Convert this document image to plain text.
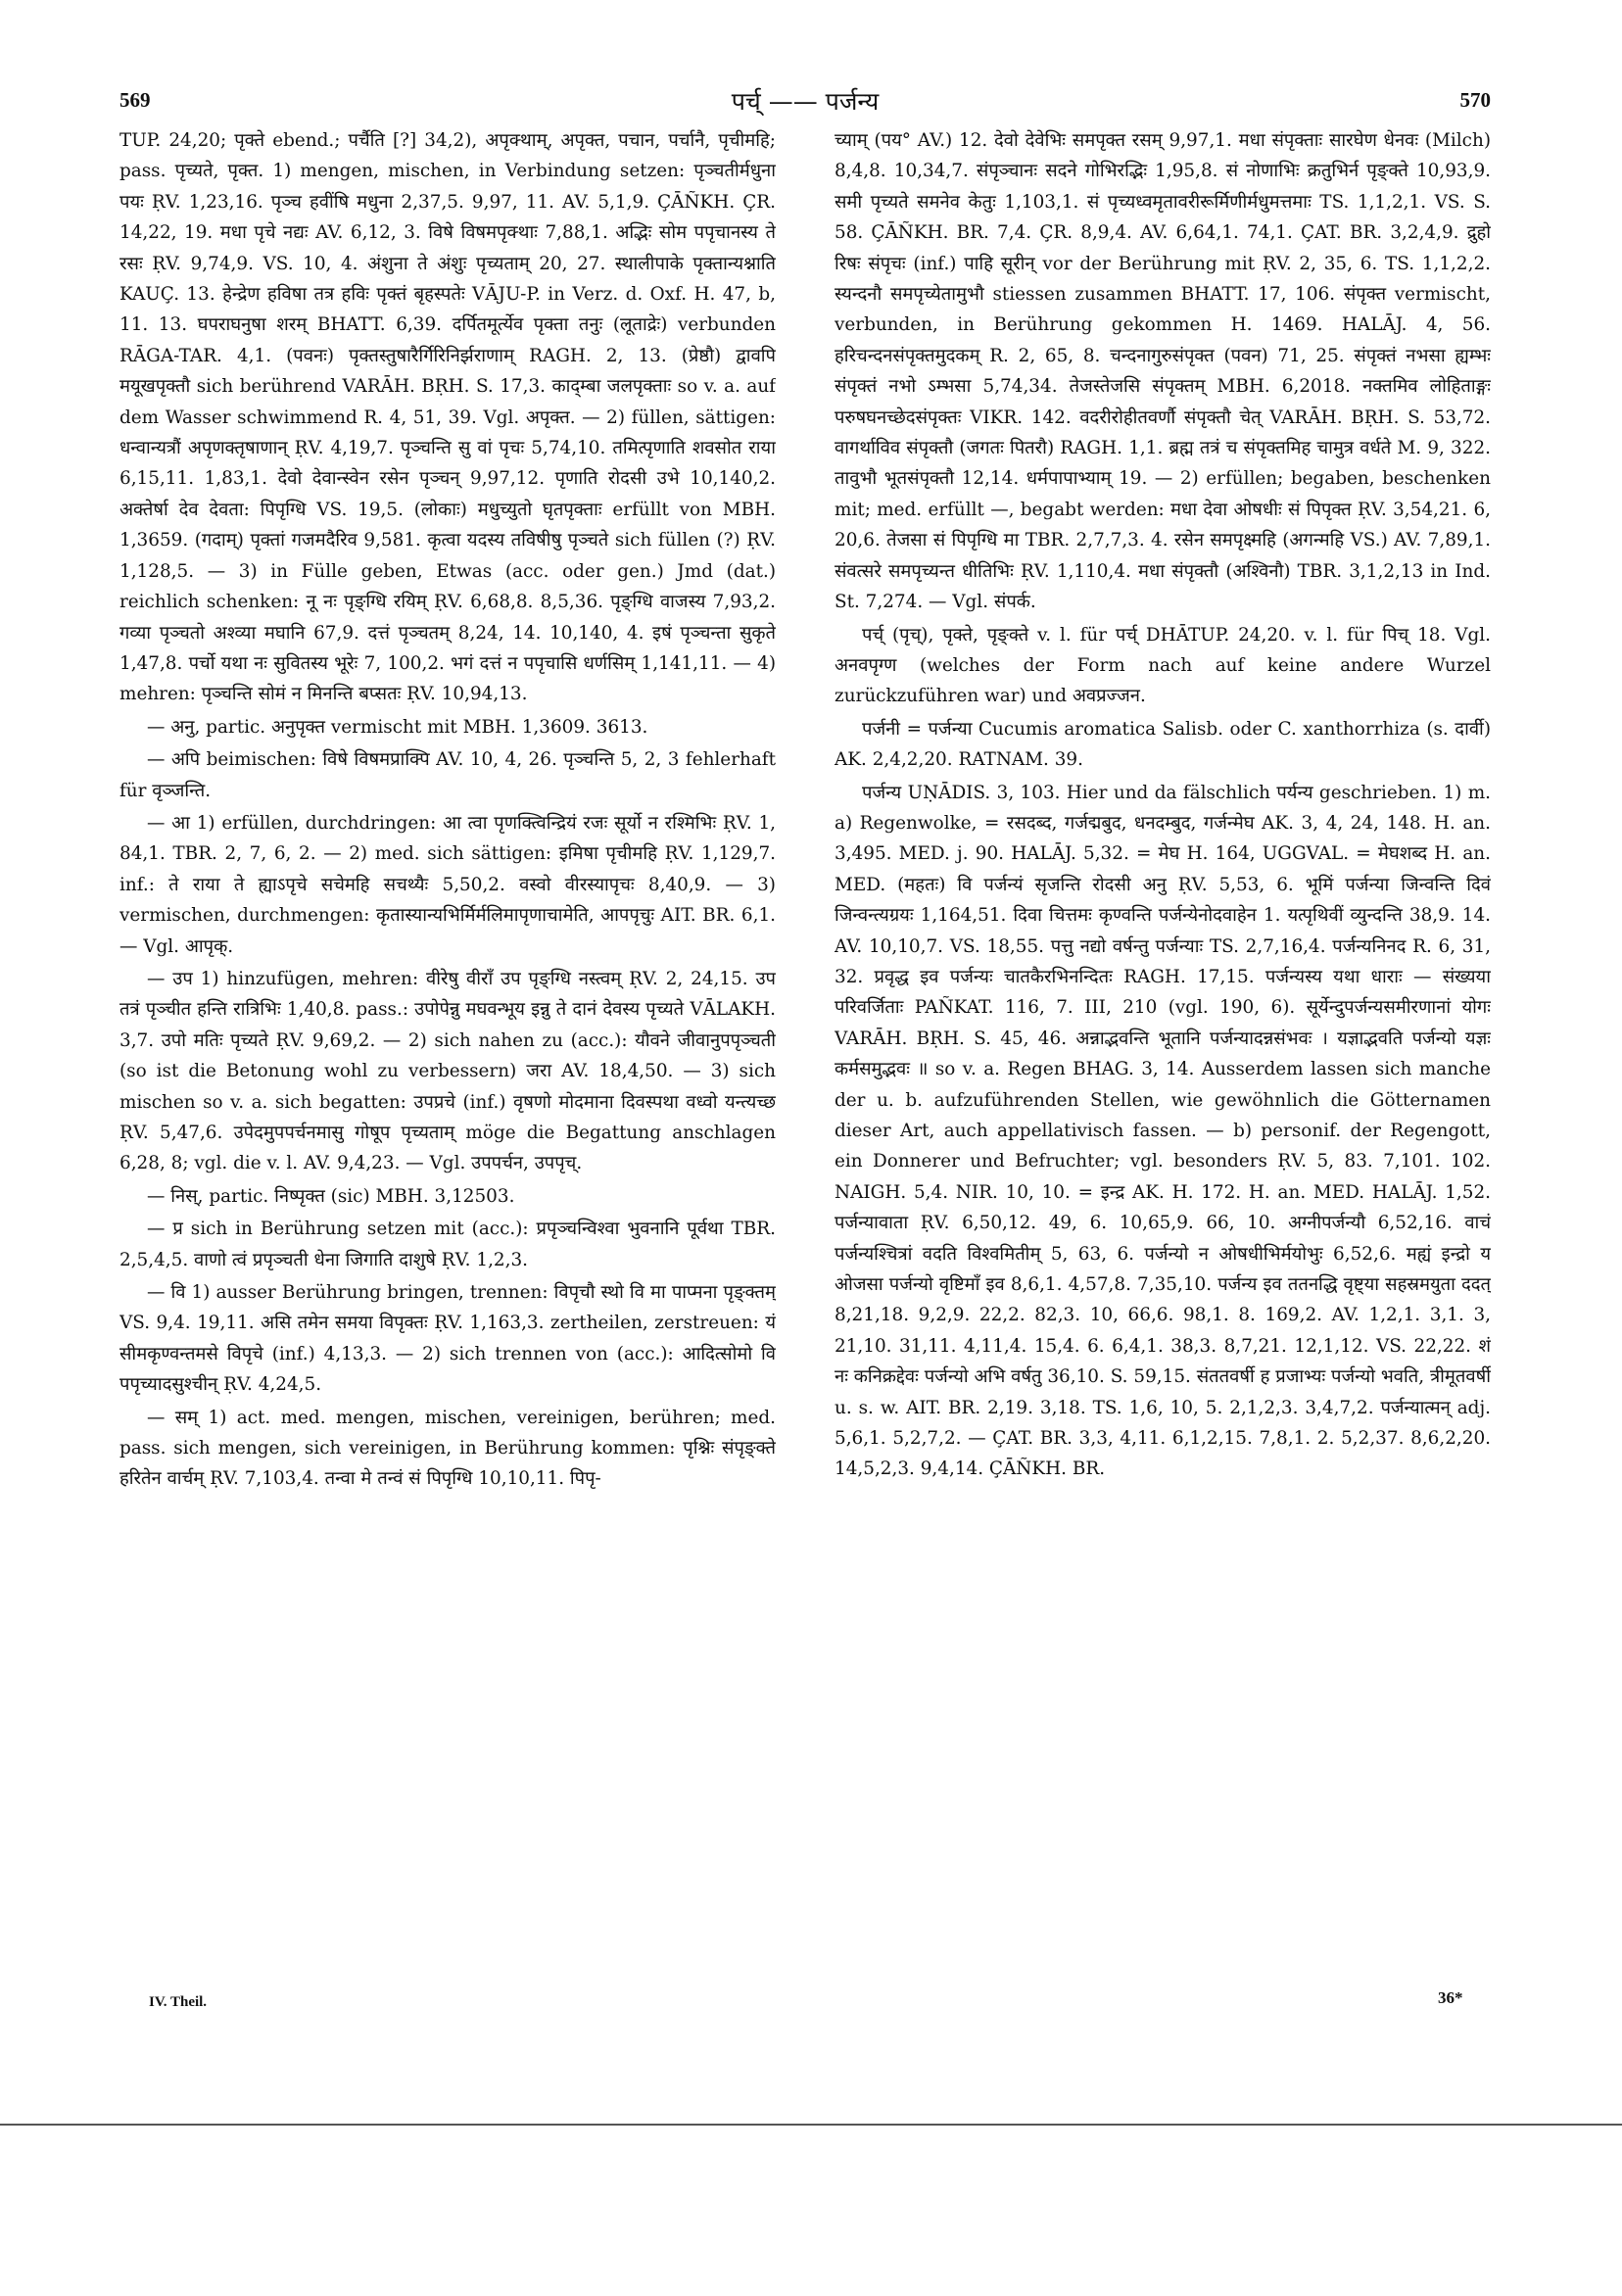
569	पर्च् —— पर्जन्य	570

TUP. 24,20; पृक्ते ebend.; पर्चैति [?] 34,2), अपृक्थाम्, अपृक्त, पचान, पर्चानै, पृचीमहि; pass. पृच्यते, पृक्त. 1) mengen, mischen, in Verbindung setzen: पृञ्चतीर्मधुना पयः ṚV. 1,23,16. पृञ्च हवींषि मधुना 2,37,5. 9,97, 11. AV. 5,1,9. ÇĀÑKH. ÇR. 14,22, 19. मधा पृचे नद्यः AV. 6,12, 3. विषे विषमपृक्थाः 7,88,1. अद्भिः सोम पपृचानस्य ते रसः ṚV. 9,74,9. VS. 10, 4. अंशुना ते अंशुः पृच्यताम् 20, 27. स्थालीपाके पृक्तान्यश्नाति KAUÇ. 13. हेन्द्रेण हविषा तत्र हविः पृक्तं बृहस्पतेः VĀJU-P. in Verz. d. Oxf. H. 47, b, 11. 13. घपराघनुषा शरम् BHATT. 6,39. दर्पितमूर्त्येव पृक्ता तनुः (लूताद्रेः) verbunden RĀGA-TAR. 4,1. (पवनः) पृक्तस्तुषारैर्गिरिनिर्झराणाम् RAGH. 2, 13. (प्रेष्ठौ) द्वावपि मयूखपृक्तौ sich berührend VARĀH. BṚH. S. 17,3. काद्म्बा जलपृक्ताः so v. a. auf dem Wasser schwimmend R. 4, 51, 39. Vgl. अपृक्त. — 2) füllen, sättigen: धन्वान्यत्रौं अपृणक्तृषाणान् ṚV. 4,19,7. पृञ्चन्ति सु वां पृचः 5,74,10. तमित्पृणाति शवसोत राया 6,15,11. 1,83,1. देवो देवान्स्वेन रसेन पृञ्चन् 9,97,12. पृणाति रोदसी उभे 10,140,2. अक्तेर्षा देव देवता: पिपृग्धि VS. 19,5. (लोकाः) मधुच्युतो घृतपृक्ताः erfüllt von MBH. 1,3659. (गदाम्) पृक्तां गजमदैरिव 9,581. कृत्वा यदस्य तविषीषु पृञ्चते sich füllen (?) ṚV. 1,128,5. — 3) in Fülle geben, Etwas (acc. oder gen.) Jmd (dat.) reichlich schenken: नू नः पृङ्ग्धि रयिम् ṚV. 6,68,8. 8,5,36. पृङ्ग्धि वाजस्य 7,93,2. गव्या पृञ्चतो अश्व्या मघानि 67,9. दत्तं पृञ्चतम् 8,24, 14. 10,140, 4. इषं पृञ्चन्ता सुकृते 1,47,8. पर्चो यथा नः सुवितस्य भूरेः 7, 100,2. भगं दत्तं न पपृचासि धर्णसिम् 1,141,11. — 4) mehren: पृञ्चन्ति सोमं न मिनन्ति बप्सतः ṚV. 10,94,13.

— अनु, partic. अनुपृक्त vermischt mit MBH. 1,3609. 3613.

— अपि beimischen: विषे विषमप्राक्पि AV. 10, 4, 26. पृञ्चन्ति 5, 2, 3 fehlerhaft für वृञ्जन्ति.

— आ 1) erfüllen, durchdringen: आ त्वा पृणक्त्विन्द्रियं रजः सूर्यो न रश्मिभिः ṚV. 1, 84,1. TBR. 2, 7, 6, 2. — 2) med. sich sättigen: इमिषा पृचीमहि ṚV. 1,129,7. inf.: ते राया ते ह्याऽपृचे सचेमहि सचथ्यैः 5,50,2. वस्वो वीरस्यापृचः 8,40,9. — 3) vermischen, durchmengen: कृतास्यान्यभिर्मिर्मलिमापृणाचामेति, आपपृचुः AIT. BR. 6,1. — Vgl. आपृक्.

— उप 1) hinzufügen, mehren: वीरेषु वीराँ उप पृङ्ग्धि नस्त्वम् ṚV. 2, 24,15. उप तत्रं पृञ्चीत हन्ति रात्रिभिः 1,40,8. pass.: उपोपेन्नु मघवन्भूय इन्नु ते दानं देवस्य पृच्यते VĀLAKH. 3,7. उपो मतिः पृच्यते ṚV. 9,69,2. — 2) sich nahen zu (acc.): यौवने जीवानुपपृञ्चती (so ist die Betonung wohl zu verbessern) जरा AV. 18,4,50. — 3) sich mischen so v. a. sich begatten: उपप्रचे (inf.) वृषणो मोदमाना दिवस्पथा वध्वो यन्त्यच्छ ṚV. 5,47,6. उपेदमुपपर्चनमासु गोषूप पृच्यताम् möge die Begattung anschlagen 6,28, 8; vgl. die v. l. AV. 9,4,23. — Vgl. उपपर्चन, उपपृच्.

— निस्, partic. निष्पृक्त (sic) MBH. 3,12503.

— प्र sich in Berührung setzen mit (acc.): प्रपृञ्चन्विश्वा भुवनानि पूर्वथा TBR. 2,5,4,5. वाणो त्वं प्रपृञ्चती धेना जिगाति दाशुषे ṚV. 1,2,3.

— वि 1) ausser Berührung bringen, trennen: विपृचौ स्थो वि मा पाप्मना पृङ्क्तम् VS. 9,4. 19,11. असि तमेन समया विपृक्तः ṚV. 1,163,3. zertheilen, zerstreuen: यं सीमकृण्वन्तमसे विपृचे (inf.) 4,13,3. — 2) sich trennen von (acc.): आदित्सोमो वि पपृच्यादसुश्चीन् ṚV. 4,24,5.

— सम् 1) act. med. mengen, mischen, vereinigen, berühren; med. pass. sich mengen, sich vereinigen, in Berührung kommen: पृश्निः संपृङ्क्ते हरितेन वार्चम् ṚV. 7,103,4. तन्वा मे तन्वं सं पिपृग्धि 10,10,11. पिपृ-

च्याम् (पय° AV.) 12. देवो देवेभिः समपृक्त रसम् 9,97,1. मधा संपृक्ताः सारघेण धेनवः (Milch) 8,4,8. 10,34,7. संपृञ्चानः सदने गोभिरद्भिः 1,95,8. सं नोणाभिः क्रतुभिर्न पृङ्क्ते 10,93,9. समी पृच्यते समनेव केतुः 1,103,1. सं पृच्यध्वमृतावरीरूर्मिणीर्मधुमत्तमाः TS. 1,1,2,1. VS. S. 58. ÇĀÑKH. BR. 7,4. ÇR. 8,9,4. AV. 6,64,1. 74,1. ÇAT. BR. 3,2,4,9. द्रुहो रिषः संपृचः (inf.) पाहि सूरीन् vor der Berührung mit ṚV. 2, 35, 6. TS. 1,1,2,2. स्यन्दनौ समपृच्येतामुभौ stiessen zusammen BHATT. 17, 106. संपृक्त vermischt, verbunden, in Berührung gekommen H. 1469. HALĀJ. 4, 56. हरिचन्दनसंपृक्तमुदकम् R. 2, 65, 8. चन्दनागुरुसंपृक्त (पवन) 71, 25. संपृक्तं नभसा ह्यम्भः संपृक्तं नभो ऽम्भसा 5,74,34. तेजस्तेजसि संपृक्तम् MBH. 6,2018. नक्तमिव लोहिताङ्गः परुषघनच्छेदसंपृक्तः VIKR. 142. वदरीरोहीतवर्णौ संपृक्तौ चेत् VARĀH. BṚH. S. 53,72. वागर्थाविव संपृक्तौ (जगतः पितरौ) RAGH. 1,1. ब्रह्म तत्रं च संपृक्तमिह चामुत्र वर्धते M. 9, 322. तावुभौ भूतसंपृक्तौ 12,14. धर्मपापाभ्याम् 19. — 2) erfüllen; begaben, beschenken mit; med. erfüllt —, begabt werden: मधा देवा ओषधीः सं पिपृक्त ṚV. 3,54,21. 6, 20,6. तेजसा सं पिपृग्धि मा TBR. 2,7,7,3. 4. रसेन समपृक्ष्महि (अगन्महि VS.) AV. 7,89,1. संवत्सरे समपृच्यन्त धीतिभिः ṚV. 1,110,4. मधा संपृक्तौ (अश्विनौ) TBR. 3,1,2,13 in Ind. St. 7,274. — Vgl. संपर्क.

पर्च् (पृच्), पृक्ते, पृङ्क्ते v. l. für पर्च् DHĀTUP. 24,20. v. l. für पिच् 18. Vgl. अनवपृग्ण (welches der Form nach auf keine andere Wurzel zurückzuführen war) und अवप्रज्जन.

पर्जनी = पर्जन्या Cucumis aromatica Salisb. oder C. xanthorrhiza (s. दार्वी) AK. 2,4,2,20. RATNAM. 39.

पर्जन्य UṆĀDIS. 3, 103. Hier und da fälschlich पर्यन्य geschrieben. 1) m. a) Regenwolke, = रसदब्द, गर्जद्मबुद, धनदम्बुद, गर्जन्मेघ AK. 3, 4, 24, 148. H. an. 3,495. MED. j. 90. HALĀJ. 5,32. = मेघ H. 164, UGGVAL. = मेघशब्द H. an. MED. (महतः) वि पर्जन्यं सृजन्ति रोदसी अनु ṚV. 5,53, 6. भूमिं पर्जन्या जिन्वन्ति दिवं जिन्वन्त्यग्रयः 1,164,51. दिवा चित्तमः कृण्वन्ति पर्जन्येनोदवाहेन 1. यत्पृथिवीं व्युन्दन्ति 38,9. 14. AV. 10,10,7. VS. 18,55. पत्तु नद्यो वर्षन्तु पर्जन्याः TS. 2,7,16,4. पर्जन्यनिनद R. 6, 31, 32. प्रवृद्ध इव पर्जन्यः चातकैरभिनन्दितः RAGH. 17,15. पर्जन्यस्य यथा धाराः — संख्यया परिवर्जिताः PAÑKAT. 116, 7. III, 210 (vgl. 190, 6). सूर्येन्दुपर्जन्यसमीरणानां योगः VARĀH. BṚH. S. 45, 46. अन्नाद्भवन्ति भूतानि पर्जन्यादन्नसंभवः । यज्ञाद्भवति पर्जन्यो यज्ञः कर्मसमुद्भवः ॥ so v. a. Regen BHAG. 3, 14. Ausserdem lassen sich manche der u. b. aufzuführenden Stellen, wie gewöhnlich die Götternamen dieser Art, auch appellativisch fassen. — b) personif. der Regengott, ein Donnerer und Befruchter; vgl. besonders ṚV. 5, 83. 7,101. 102. NAIGH. 5,4. NIR. 10, 10. = इन्द्र AK. H. 172. H. an. MED. HALĀJ. 1,52. पर्जन्यावाता ṚV. 6,50,12. 49, 6. 10,65,9. 66, 10. अग्नीपर्जन्यौ 6,52,16. वाचं पर्जन्यश्चित्रां वदति विश्वमितीम् 5, 63, 6. पर्जन्यो न ओषधीभिर्मयोभुः 6,52,6. मह्यं इन्द्रो य ओजसा पर्जन्यो वृष्टिमाँ इव 8,6,1. 4,57,8. 7,35,10. पर्जन्य इव ततनद्धि वृष्ट्या सहस्रमयुता ददत् 8,21,18. 9,2,9. 22,2. 82,3. 10, 66,6. 98,1. 8. 169,2. AV. 1,2,1. 3,1. 3, 21,10. 31,11. 4,11,4. 15,4. 6. 6,4,1. 38,3. 8,7,21. 12,1,12. VS. 22,22. शं नः कनिक्रद्देवः पर्जन्यो अभि वर्षतु 36,10. S. 59,15. संततवर्षी ह प्रजाभ्यः पर्जन्यो भवति, त्रीमूतवर्षी u. s. w. AIT. BR. 2,19. 3,18. TS. 1,6, 10, 5. 2,1,2,3. 3,4,7,2. पर्जन्यात्मन् adj. 5,6,1. 5,2,7,2. — ÇAT. BR. 3,3, 4,11. 6,1,2,15. 7,8,1. 2. 5,2,37. 8,6,2,20. 14,5,2,3. 9,4,14. ÇĀÑKH. BR.

IV. Theil.	36*
